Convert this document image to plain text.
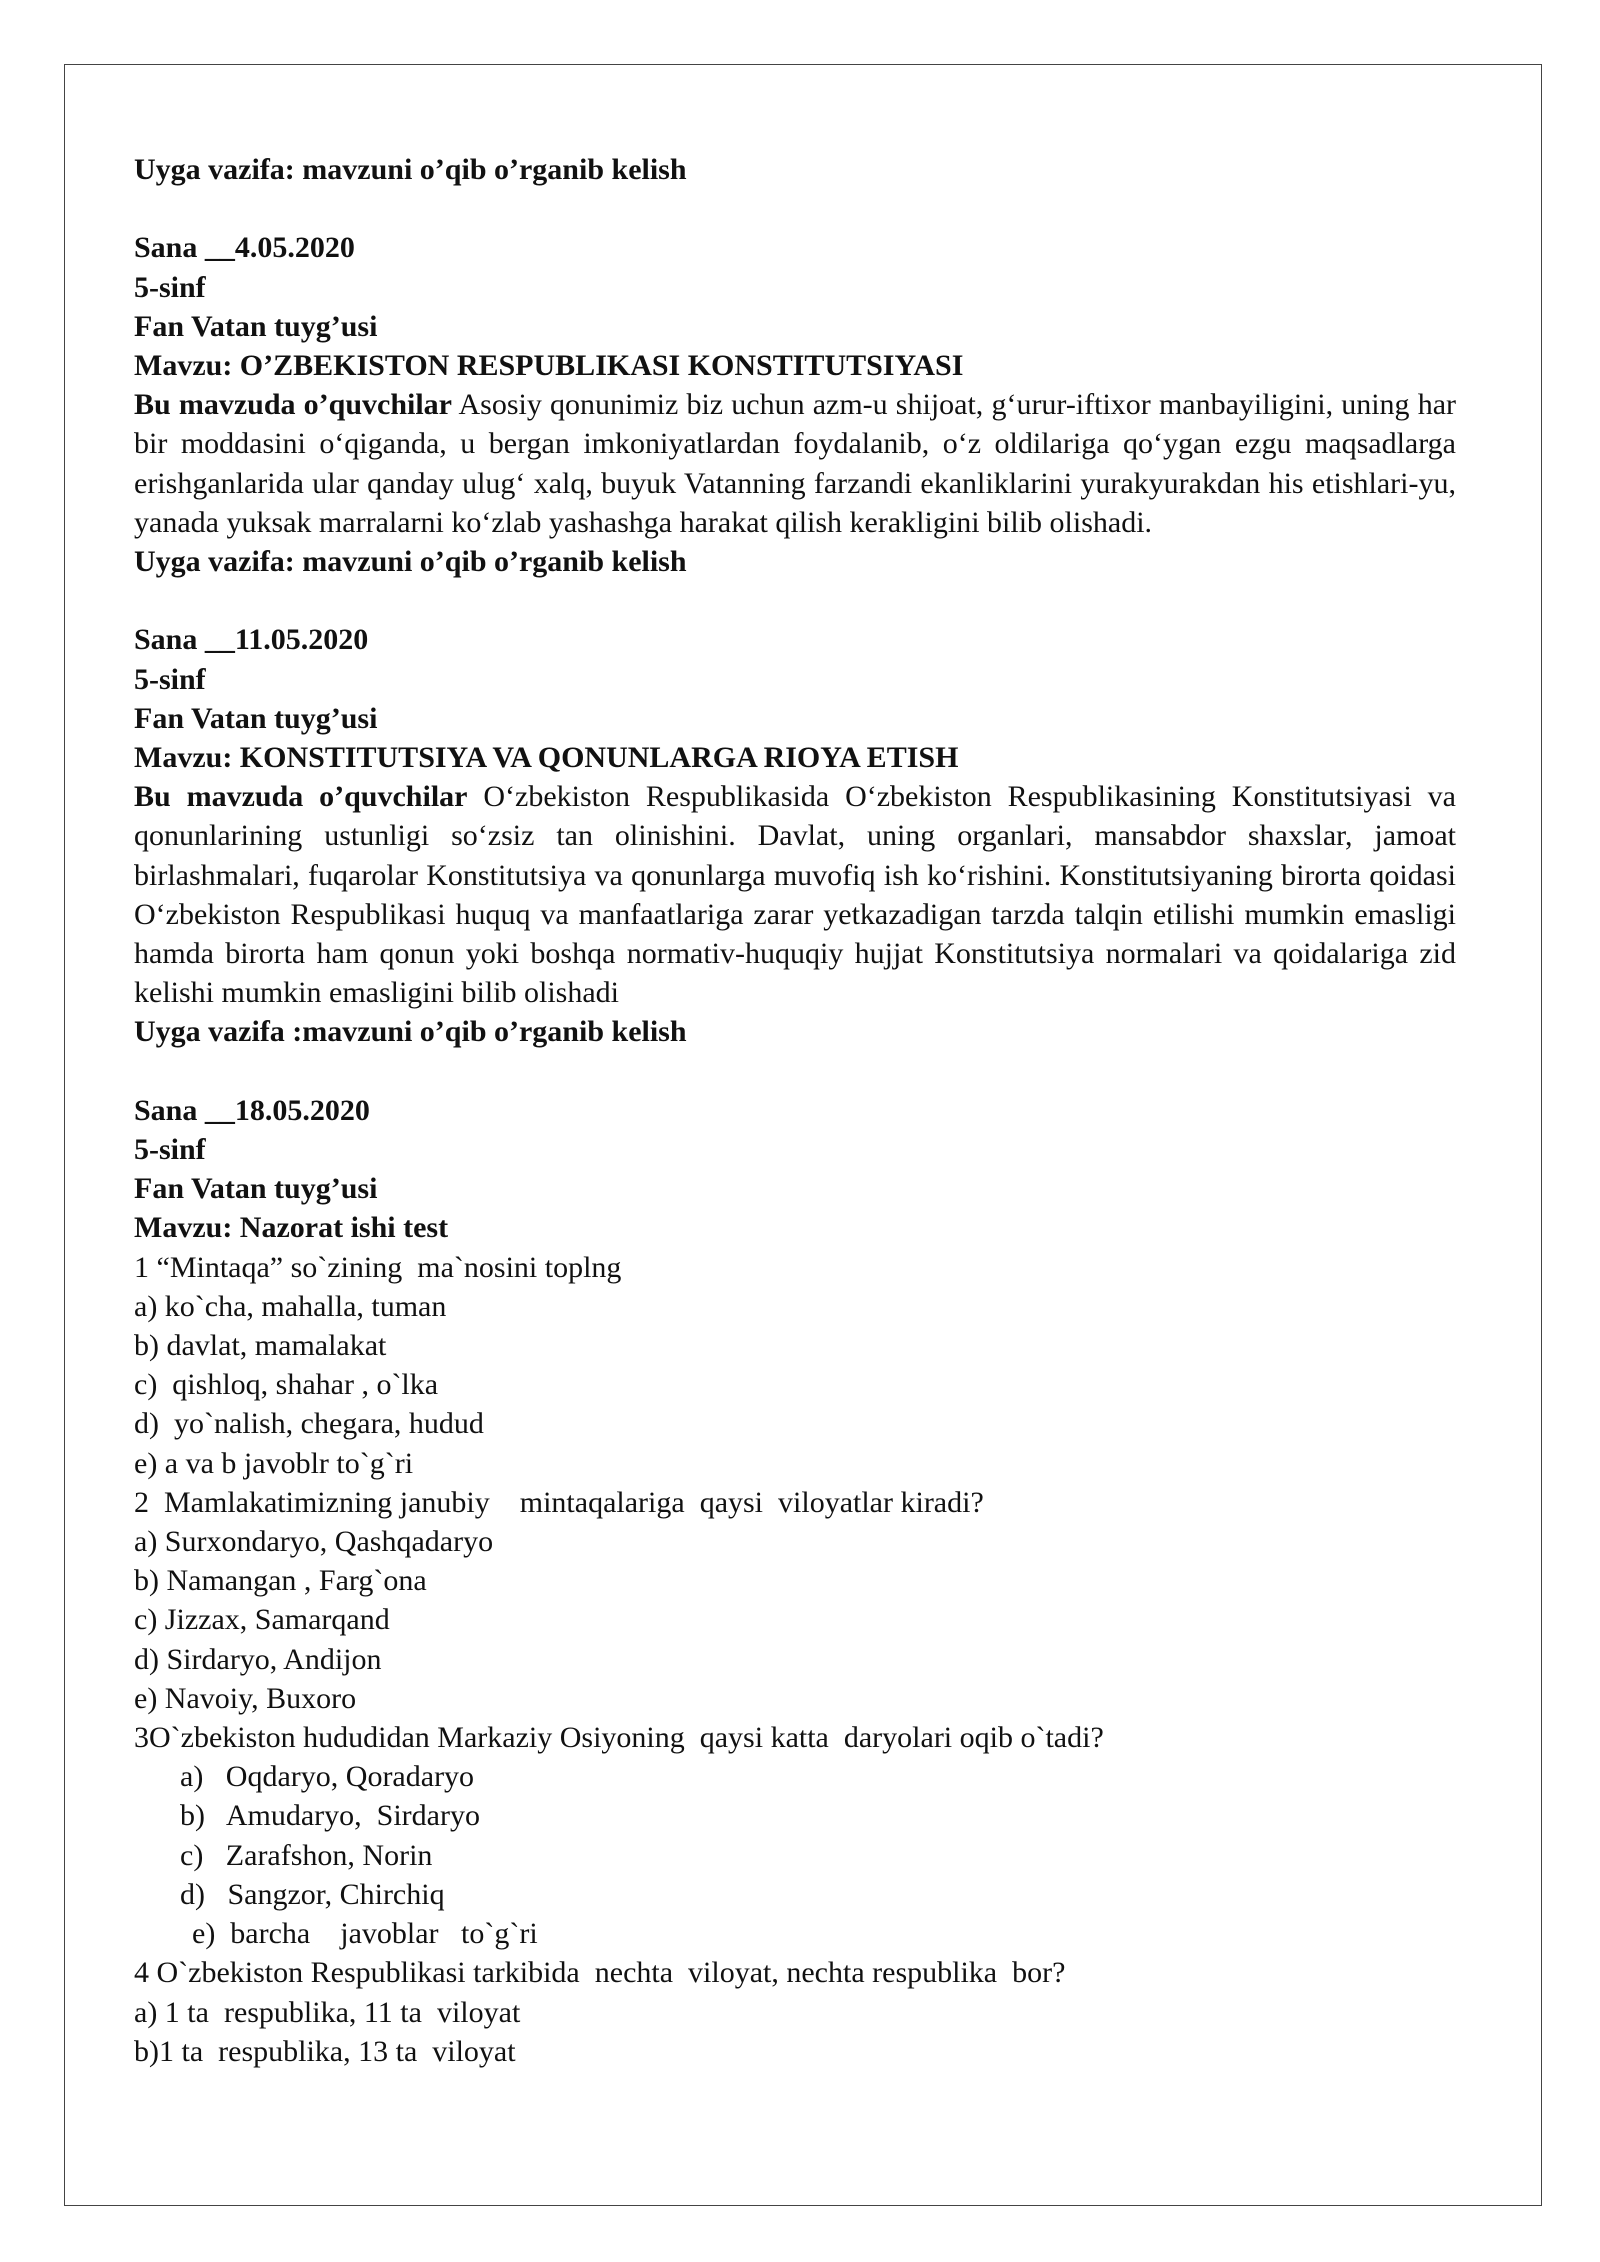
Uyga vazifa: mavzuni o’qib o’rganib kelish

Sana __4.05.2020

5-sinf

Fan Vatan tuyg’usi

Mavzu: O’ZBEKISTON RESPUBLIKASI KONSTITUTSIYASI

Bu mavzuda o’quvchilar Asosiy qonunimiz biz uchun azm-u shijoat, g‘urur-iftixor manbayiligini, uning har bir moddasini o‘qiganda, u bergan imkoniyatlardan foydalanib, o‘z oldilariga qo‘ygan ezgu maqsadlarga erishganlarida ular qanday ulug‘ xalq, buyuk Vatanning farzandi ekanliklarini yurakyurakdan his etishlari-yu, yanada yuksak marralarni ko‘zlab yashashga harakat qilish kerakligini bilib olishadi.

Uyga vazifa: mavzuni o’qib o’rganib kelish

Sana __11.05.2020

5-sinf

Fan Vatan tuyg’usi

Mavzu: KONSTITUTSIYA VA QONUNLARGA RIOYA ETISH

Bu mavzuda o’quvchilar O‘zbekiston Respublikasida O‘zbekiston Respublikasining Konstitutsiyasi va qonunlarining ustunligi so‘zsiz tan olinishini. Davlat, uning organlari, mansabdor shaxslar, jamoat birlashmalari, fuqarolar Konstitutsiya va qonunlarga muvofiq ish ko‘rishini. Konstitutsiyaning birorta qoidasi O‘zbekiston Respublikasi huquq va manfaatlariga zarar yetkazadigan tarzda talqin etilishi mumkin emasligi hamda birorta ham qonun yoki boshqa normativ-huquqiy hujjat Konstitutsiya normalari va qoidalariga zid kelishi mumkin emasligini bilib olishadi

Uyga vazifa :mavzuni o’qib o’rganib kelish

Sana __18.05.2020

5-sinf

Fan Vatan tuyg’usi

Mavzu: Nazorat ishi test

1 “Mintaqa” so`zining  ma`nosini toplng

a) ko`cha, mahalla, tuman

b) davlat, mamalakat

c)  qishloq, shahar , o`lka

d)  yo`nalish, chegara, hudud

e) a va b javoblr to`g`ri

2  Mamlakatimizning janubiy    mintaqalariga  qaysi  viloyatlar kiradi?

a) Surxondaryo, Qashqadaryo

b) Namangan , Farg`ona

c) Jizzax, Samarqand

d) Sirdaryo, Andijon

e) Navoiy, Buxoro

3O`zbekiston hududidan Markaziy Osiyoning  qaysi katta  daryolari oqib o`tadi?

a)   Oqdaryo, Qoradaryo

b)   Amudaryo,  Sirdaryo

c)   Zarafshon, Norin

d)   Sangzor, Chirchiq

e)  barcha    javoblar   to`g`ri

4 O`zbekiston Respublikasi tarkibida  nechta  viloyat, nechta respublika  bor?

a) 1 ta  respublika, 11 ta  viloyat

b)1 ta  respublika, 13 ta  viloyat
